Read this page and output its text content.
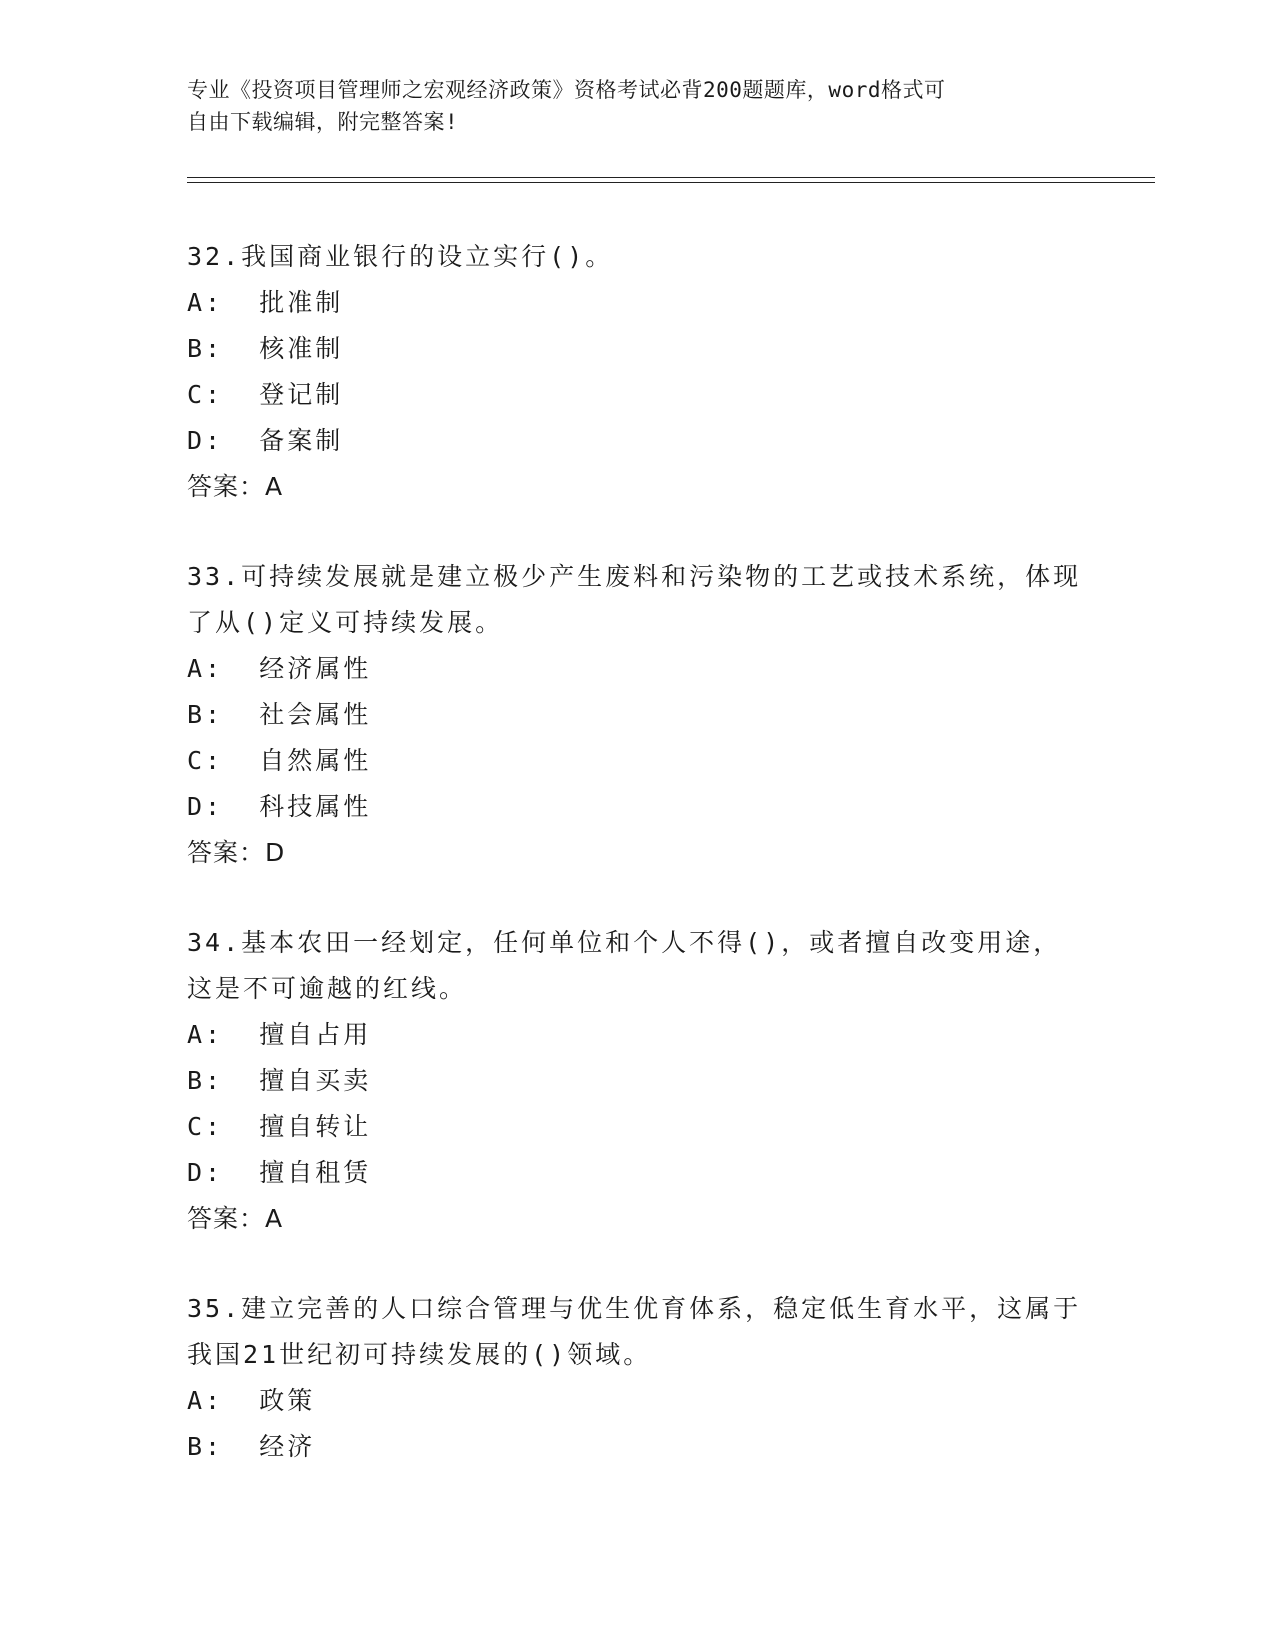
专业《投资项目管理师之宏观经济政策》资格考试必背200题题库，word格式可
自由下载编辑，附完整答案!

32.我国商业银行的设立实行()。

A:  批准制

B:  核准制

C:  登记制

D:  备案制

答案：A

33.可持续发展就是建立极少产生废料和污染物的工艺或技术系统，体现了从()定义可持续发展。

A:  经济属性

B:  社会属性

C:  自然属性

D:  科技属性

答案：D

34.基本农田一经划定，任何单位和个人不得()，或者擅自改变用途，这是不可逾越的红线。

A:  擅自占用

B:  擅自买卖

C:  擅自转让

D:  擅自租赁

答案：A

35.建立完善的人口综合管理与优生优育体系，稳定低生育水平，这属于我国21世纪初可持续发展的()领域。

A:  政策

B:  经济
